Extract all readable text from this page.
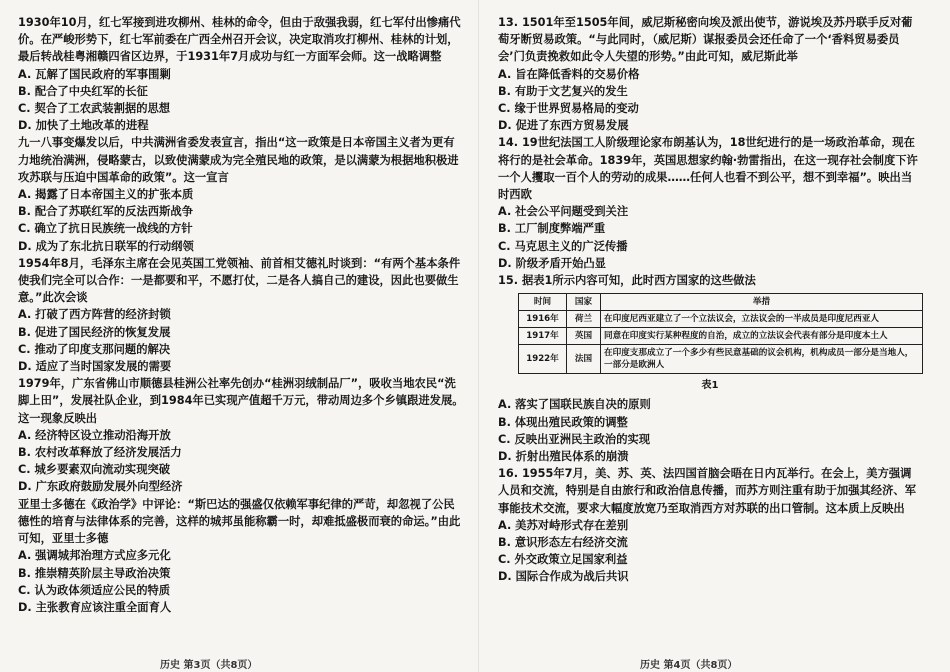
1930年10月，红七军接到进攻柳州、桂林的命令，但由于敌强我弱，红七军付出惨痛代价。在严峻形势下，红七军前委在广西全州召开会议，决定取消攻打柳州、桂林的计划，最后转战桂粤湘赣四省区边界，于1931年7月成功与红一方面军会师。这一战略调整

A. 瓦解了国民政府的军事围剿

B. 配合了中央红军的长征

C. 契合了工农武装割据的思想

D. 加快了土地改革的进程

九一八事变爆发以后，中共满洲省委发表宣言，指出“这一政策是日本帝国主义者为更有力地统治满洲，侵略蒙古，以致使满蒙成为完全殖民地的政策，是以满蒙为根据地积极进攻苏联与压迫中国革命的政策”。这一宣言

A. 揭露了日本帝国主义的扩张本质

B. 配合了苏联红军的反法西斯战争

C. 确立了抗日民族统一战线的方针

D. 成为了东北抗日联军的行动纲领

1954年8月，毛泽东主席在会见英国工党领袖、前首相艾德礼时谈到：“有两个基本条件使我们完全可以合作：一是都要和平，不愿打仗，二是各人搞自己的建设，因此也要做生意。”此次会谈

A. 打破了西方阵营的经济封锁

B. 促进了国民经济的恢复发展

C. 推动了印度支那问题的解决

D. 适应了当时国家发展的需要

1979年，广东省佛山市顺德县桂洲公社率先创办“桂洲羽绒制品厂”，吸收当地农民“洗脚上田”，发展社队企业，到1984年已实现产值超千万元，带动周边多个乡镇跟进发展。这一现象反映出

A. 经济特区设立推动沿海开放

B. 农村改革释放了经济发展活力

C. 城乡要素双向流动实现突破

D. 广东政府鼓励发展外向型经济

亚里士多德在《政治学》中评论：“斯巴达的强盛仅依赖军事纪律的严苛，却忽视了公民德性的培育与法律体系的完善，这样的城邦虽能称霸一时，却难抵盛极而衰的命运。”由此可知，亚里士多德

A. 强调城邦治理方式应多元化

B. 推崇精英阶层主导政治决策

C. 认为政体须适应公民的特质

D. 主张教育应该注重全面育人

13. 1501年至1505年间，威尼斯秘密向埃及派出使节，游说埃及苏丹联手反对葡萄牙断贸易政策。“与此同时，（威尼斯）谋报委员会还任命了一个‘香料贸易委员会’门负责挽救如此令人失望的形势。”由此可知，威尼斯此举

A. 旨在降低香料的交易价格

B. 有助于文艺复兴的发生

C. 缘于世界贸易格局的变动

D. 促进了东西方贸易发展

14. 19世纪法国工人阶级理论家布朗基认为，18世纪进行的是一场政治革命，现在将行的是社会革命。1839年，英国思想家约翰·勃雷指出，在这一现存社会制度下许一个人攫取一百个人的劳动的成果……任何人也看不到公平，想不到幸福”。映出当时西欧

A. 社会公平问题受到关注

B. 工厂制度弊端严重

C. 马克思主义的广泛传播

D. 阶级矛盾开始凸显

15. 据表1所示内容可知，此时西方国家的这些做法

时间	国家	举措
1916年	荷兰	在印度尼西亚建立了一个立法议会，立法议会的一半成员是印度尼西亚人
1917年	英国	同意在印度实行某种程度的自治，成立的立法议会代表有部分是印度本土人
1922年	法国	在印度支那成立了一个多少有些民意基础的议会机构，机构成员一部分是当地人，一部分是欧洲人

表1

A. 落实了国联民族自决的原则

B. 体现出殖民政策的调整

C. 反映出亚洲民主政治的实现

D. 折射出殖民体系的崩溃

16. 1955年7月，美、苏、英、法四国首脑会晤在日内瓦举行。在会上，美方强调人员和交流，特别是自由旅行和政治信息传播，而苏方则注重有助于加强其经济、军事能技术交流，要求大幅度放宽乃至取消西方对苏联的出口管制。这本质上反映出

A. 美苏对峙形式存在差别

B. 意识形态左右经济交流

C. 外交政策立足国家利益

D. 国际合作成为战后共识

历史 第3页（共8页）	历史 第4页（共8页）
